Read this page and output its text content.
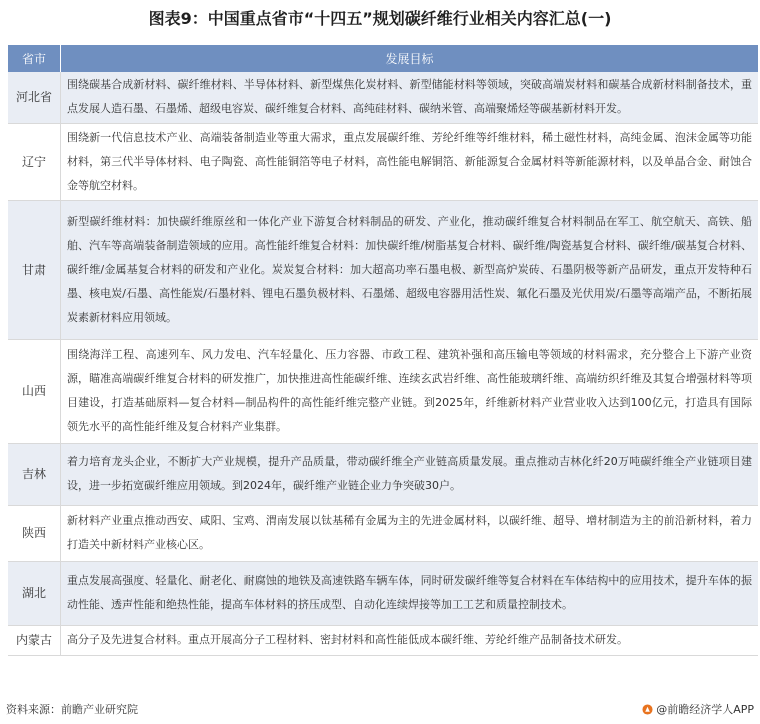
图表9：中国重点省市“十四五”规划碳纤维行业相关内容汇总(一)
省市	发展目标
河北省	围绕碳基合成新材料、碳纤维材料、半导体材料、新型煤焦化炭材料、新型储能材料等领域，突破高端炭材料和碳基合成新材料制备技术，重点发展人造石墨、石墨烯、超级电容炭、碳纤维复合材料、高纯硅材料、碳纳米管、高端聚烯烃等碳基新材料开发。
辽宁	围绕新一代信息技术产业、高端装备制造业等重大需求，重点发展碳纤维、芳纶纤维等纤维材料，稀土磁性材料，高纯金属、泡沫金属等功能材料，第三代半导体材料、电子陶瓷、高性能铜箔等电子材料，高性能电解铜箔、新能源复合金属材料等新能源材料，以及单晶合金、耐蚀合金等航空材料。
甘肃	新型碳纤维材料：加快碳纤维原丝和一体化产业下游复合材料制品的研发、产业化，推动碳纤维复合材料制品在军工、航空航天、高铁、船舶、汽车等高端装备制造领域的应用。高性能纤维复合材料：加快碳纤维/树脂基复合材料、碳纤维/陶瓷基复合材料、碳纤维/碳基复合材料、碳纤维/金属基复合材料的研发和产业化。炭炭复合材料：加大超高功率石墨电极、新型高炉炭砖、石墨阴极等新产品研发，重点开发特种石墨、核电炭/石墨、高性能炭/石墨材料、锂电石墨负极材料、石墨烯、超级电容器用活性炭、氟化石墨及光伏用炭/石墨等高端产品，不断拓展炭素新材料应用领域。
山西	围绕海洋工程、高速列车、风力发电、汽车轻量化、压力容器、市政工程、建筑补强和高压输电等领域的材料需求，充分整合上下游产业资源，瞄准高端碳纤维复合材料的研发推广，加快推进高性能碳纤维、连续玄武岩纤维、高性能玻璃纤维、高端纺织纤维及其复合增强材料等项目建设，打造基础原料—复合材料—制品构件的高性能纤维完整产业链。到2025年，纤维新材料产业营业收入达到100亿元，打造具有国际领先水平的高性能纤维及复合材料产业集群。
吉林	着力培育龙头企业，不断扩大产业规模，提升产品质量，带动碳纤维全产业链高质量发展。重点推动吉林化纤20万吨碳纤维全产业链项目建设，进一步拓宽碳纤维应用领域。到2024年，碳纤维产业链企业力争突破30户。
陕西	新材料产业重点推动西安、咸阳、宝鸡、渭南发展以钛基稀有金属为主的先进金属材料，以碳纤维、超导、增材制造为主的前沿新材料，着力打造关中新材料产业核心区。
湖北	重点发展高强度、轻量化、耐老化、耐腐蚀的地铁及高速铁路车辆车体，同时研发碳纤维等复合材料在车体结构中的应用技术，提升车体的振动性能、透声性能和绝热性能，提高车体材料的挤压成型、自动化连续焊接等加工工艺和质量控制技术。
内蒙古	高分子及先进复合材料。重点开展高分子工程材料、密封材料和高性能低成本碳纤维、芳纶纤维产品制备技术研发。
资料来源：前瞻产业研究院	@前瞻经济学人APP
